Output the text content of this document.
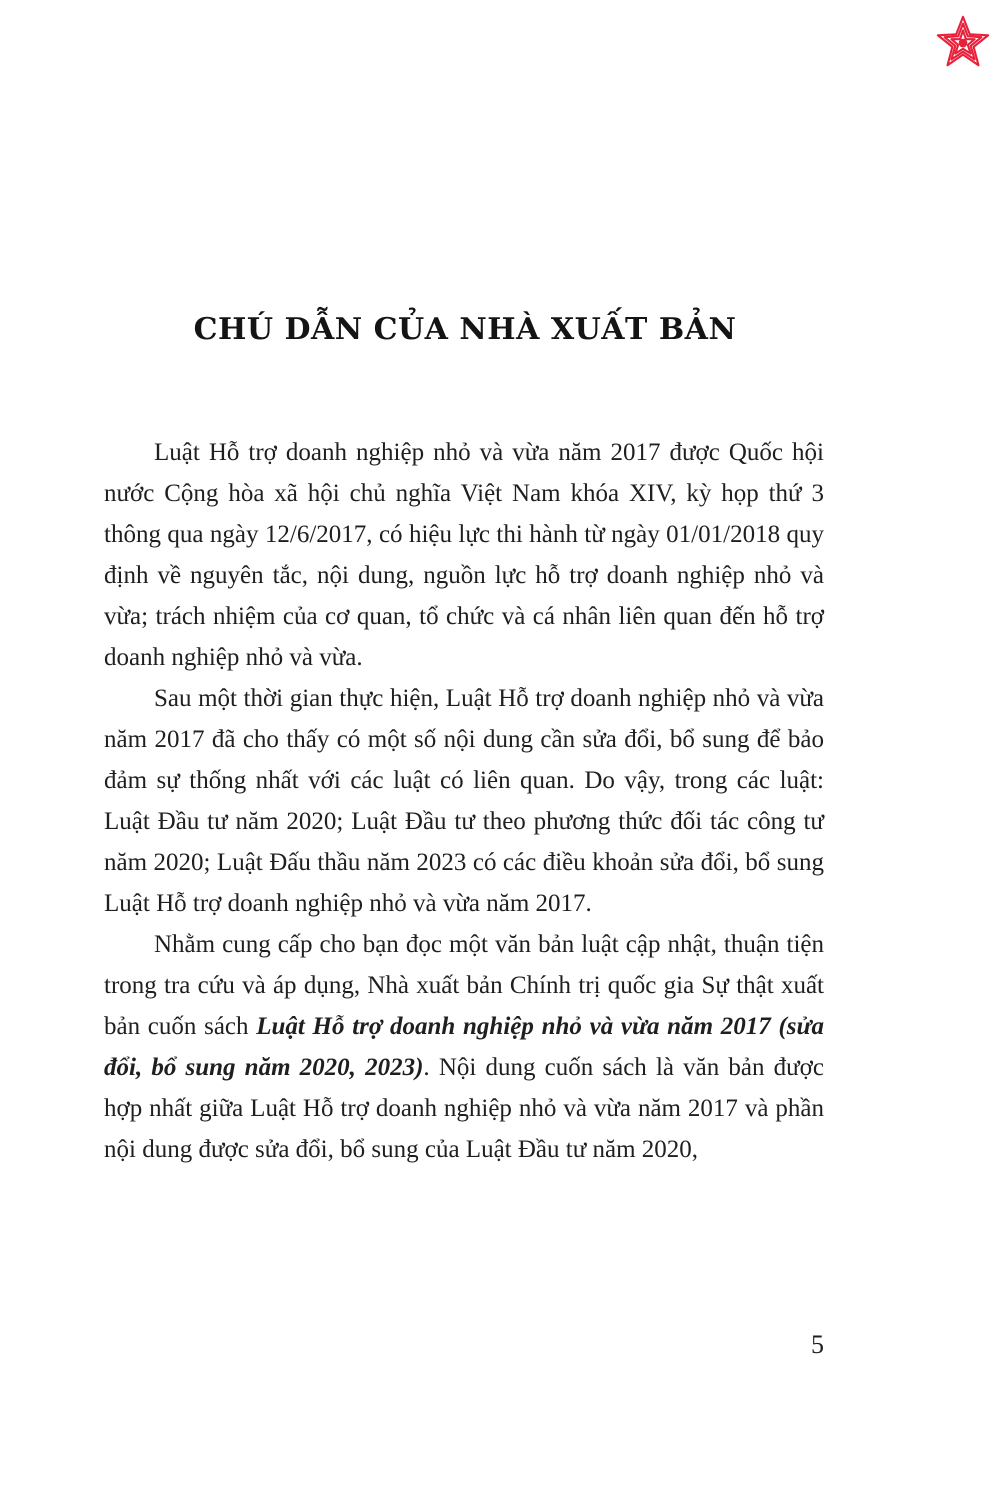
CHÚ DẪN CỦA NHÀ XUẤT BẢN

Luật Hỗ trợ doanh nghiệp nhỏ và vừa năm 2017 được Quốc hội nước Cộng hòa xã hội chủ nghĩa Việt Nam khóa XIV, kỳ họp thứ 3 thông qua ngày 12/6/2017, có hiệu lực thi hành từ ngày 01/01/2018 quy định về nguyên tắc, nội dung, nguồn lực hỗ trợ doanh nghiệp nhỏ và vừa; trách nhiệm của cơ quan, tổ chức và cá nhân liên quan đến hỗ trợ doanh nghiệp nhỏ và vừa.

Sau một thời gian thực hiện, Luật Hỗ trợ doanh nghiệp nhỏ và vừa năm 2017 đã cho thấy có một số nội dung cần sửa đổi, bổ sung để bảo đảm sự thống nhất với các luật có liên quan. Do vậy, trong các luật: Luật Đầu tư năm 2020; Luật Đầu tư theo phương thức đối tác công tư năm 2020; Luật Đấu thầu năm 2023 có các điều khoản sửa đổi, bổ sung Luật Hỗ trợ doanh nghiệp nhỏ và vừa năm 2017.

Nhằm cung cấp cho bạn đọc một văn bản luật cập nhật, thuận tiện trong tra cứu và áp dụng, Nhà xuất bản Chính trị quốc gia Sự thật xuất bản cuốn sách Luật Hỗ trợ doanh nghiệp nhỏ và vừa năm 2017 (sửa đổi, bổ sung năm 2020, 2023). Nội dung cuốn sách là văn bản được hợp nhất giữa Luật Hỗ trợ doanh nghiệp nhỏ và vừa năm 2017 và phần nội dung được sửa đổi, bổ sung của Luật Đầu tư năm 2020,

5
